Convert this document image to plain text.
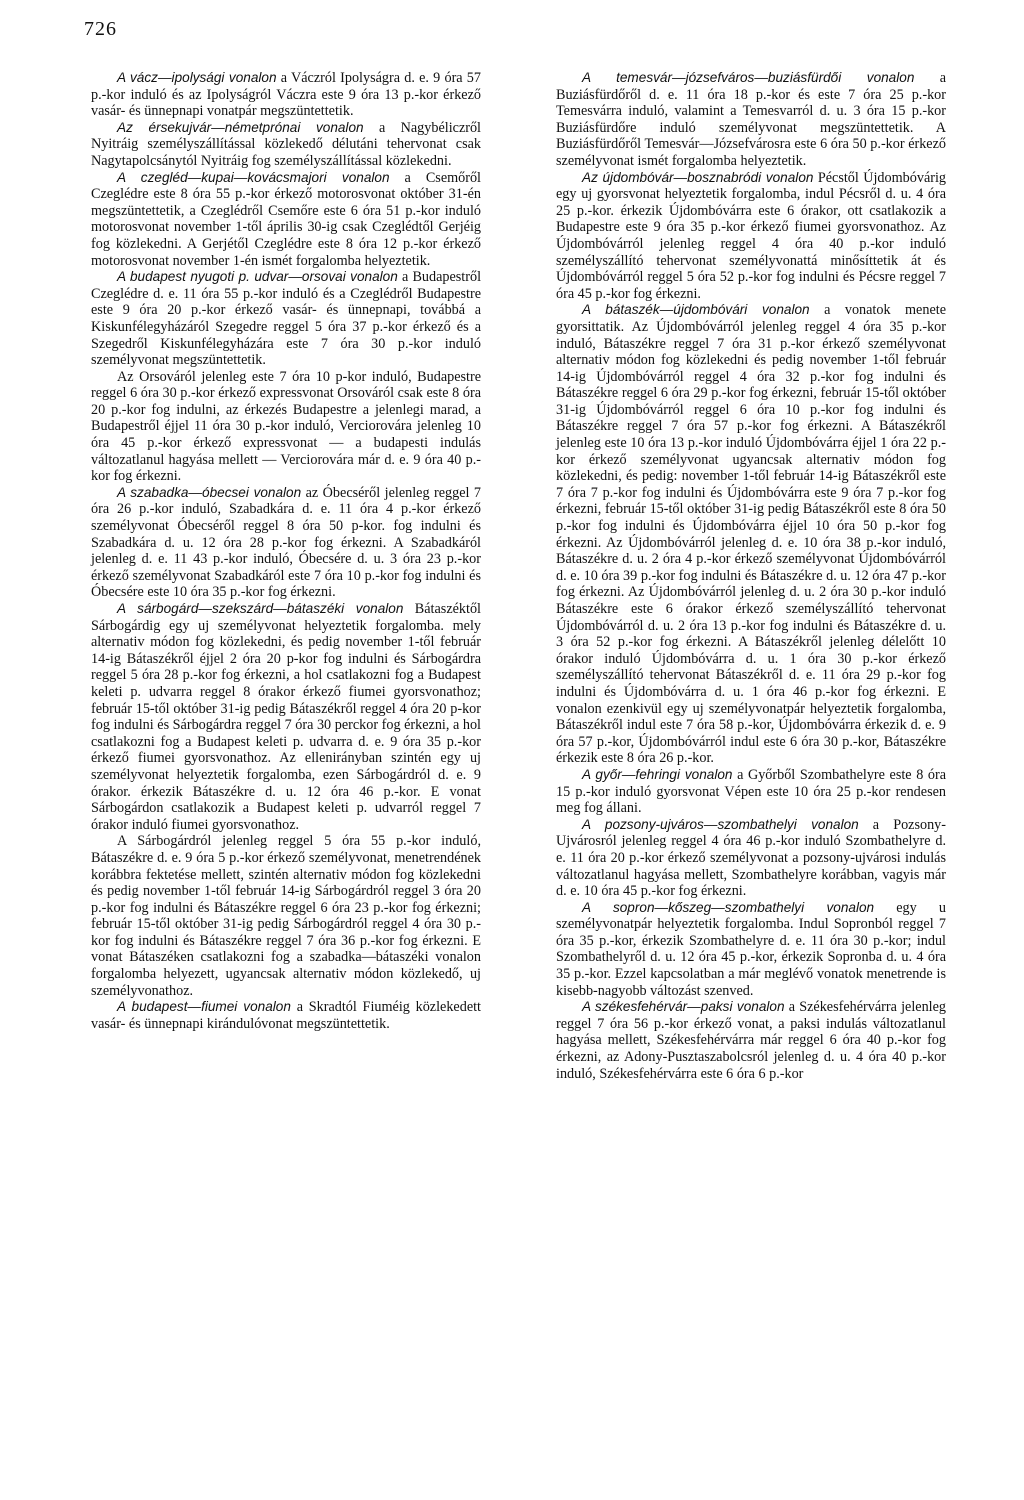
726

A vácz—ipolysági vonalon a Váczról Ipolyságra d. e. 9 óra 57 p.-kor induló és az Ipolyságról Váczra este 9 óra 13 p.-kor érkező vasár- és ünnepnapi vonatpár megszüntettetik.

Az érsekujvár—németprónai vonalon a Nagybéliczről Nyitráig személyszállítással közlekedő délutáni tehervonat csak Nagytapolcsánytól Nyitráig fog személyszállítással közlekedni.

A czegléd—kupai—kovácsmajori vonalon a Csemőről Czeglédre este 8 óra 55 p.-kor érkező motorosvonat október 31-én megszüntettetik, a Czeglédről Csemőre este 6 óra 51 p.-kor induló motorosvonat november 1-től április 30-ig csak Czeglédtől Gerjéig fog közlekedni. A Gerjétől Czeglédre este 8 óra 12 p.-kor érkező motorosvonat november 1-én ismét forgalomba helyeztetik.

A budapest nyugoti p. udvar—orsovai vonalon a Budapestről Czeglédre d. e. 11 óra 55 p.-kor induló és a Czeglédről Budapestre este 9 óra 20 p.-kor érkező vasár- és ünnepnapi, továbbá a Kiskunfélegyházáról Szegedre reggel 5 óra 37 p.-kor érkező és a Szegedről Kiskunfélegyházára este 7 óra 30 p.-kor induló személyvonat megszüntettetik.

Az Orsováról jelenleg este 7 óra 10 p-kor induló, Budapestre reggel 6 óra 30 p.-kor érkező expressvonat Orsováról csak este 8 óra 20 p.-kor fog indulni, az érkezés Budapestre a jelenlegi marad, a Budapestről éjjel 11 óra 30 p.-kor induló, Verciorovára jelenleg 10 óra 45 p.-kor érkező expressvonat — a budapesti indulás változatlanul hagyása mellett — Verciorovára már d. e. 9 óra 40 p.-kor fog érkezni.

A szabadka—óbecsei vonalon az Óbecséről jelenleg reggel 7 óra 26 p.-kor induló, Szabadkára d. e. 11 óra 4 p.-kor érkező személyvonat Óbecséről reggel 8 óra 50 p-kor. fog indulni és Szabadkára d. u. 12 óra 28 p.-kor fog érkezni. A Szabadkáról jelenleg d. e. 11 43 p.-kor induló, Óbecsére d. u. 3 óra 23 p.-kor érkező személyvonat Szabadkáról este 7 óra 10 p.-kor fog indulni és Óbecsére este 10 óra 35 p.-kor fog érkezni.

A sárbogárd—szekszárd—bátaszéki vonalon Bátaszéktől Sárbogárdig egy uj személyvonat helyeztetik forgalomba. mely alternativ módon fog közlekedni, és pedig november 1-től február 14-ig Bátaszékről éjjel 2 óra 20 p-kor fog indulni és Sárbogárdra reggel 5 óra 28 p.-kor fog érkezni, a hol csatlakozni fog a Budapest keleti p. udvarra reggel 8 órakor érkező fiumei gyorsvonathoz; február 15-től október 31-ig pedig Bátaszékről reggel 4 óra 20 p-kor fog indulni és Sárbogárdra reggel 7 óra 30 perckor fog érkezni, a hol csatlakozni fog a Budapest keleti p. udvarra d. e. 9 óra 35 p.-kor érkező fiumei gyorsvonathoz. Az ellenirányban szintén egy uj személyvonat helyeztetik forgalomba, ezen Sárbogárdról d. e. 9 órakor. érkezik Bátaszékre d. u. 12 óra 46 p.-kor. E vonat Sárbogárdon csatlakozik a Budapest keleti p. udvarról reggel 7 órakor induló fiumei gyorsvonathoz.

A Sárbogárdról jelenleg reggel 5 óra 55 p.-kor induló, Bátaszékre d. e. 9 óra 5 p.-kor érkező személyvonat, menetrendének korábbra fektetése mellett, szintén alternativ módon fog közlekedni és pedig november 1-től február 14-ig Sárbogárdról reggel 3 óra 20 p.-kor fog indulni és Bátaszékre reggel 6 óra 23 p.-kor fog érkezni; február 15-től október 31-ig pedig Sárbogárdról reggel 4 óra 30 p.-kor fog indulni és Bátaszékre reggel 7 óra 36 p.-kor fog érkezni. E vonat Bátaszéken csatlakozni fog a szabadka—bátaszéki vonalon forgalomba helyezett, ugyancsak alternativ módon közlekedő, uj személyvonathoz.

A budapest—fiumei vonalon a Skradtól Fiuméig közlekedett vasár- és ünnepnapi kirándulóvonat megszüntettetik.

A temesvár—józsefváros—buziásfürdői vonalon a Buziásfürdőről d. e. 11 óra 18 p.-kor és este 7 óra 25 p.-kor Temesvárra induló, valamint a Temesvarról d. u. 3 óra 15 p.-kor Buziásfürdőre induló személyvonat megszüntettetik. A Buziásfürdőről Temesvár—Józsefvárosra este 6 óra 50 p.-kor érkező személyvonat ismét forgalomba helyeztetik.

Az újdombóvár—bosznabródi vonalon Pécstől Újdombóvárig egy uj gyorsvonat helyeztetik forgalomba, indul Pécsről d. u. 4 óra 25 p.-kor. érkezik Újdombóvárra este 6 órakor, ott csatlakozik a Budapestre este 9 óra 35 p.-kor érkező fiumei gyorsvonathoz. Az Újdombóvárról jelenleg reggel 4 óra 40 p.-kor induló személyszállító tehervonat személyvonattá minősíttetik át és Újdombóvárról reggel 5 óra 52 p.-kor fog indulni és Pécsre reggel 7 óra 45 p.-kor fog érkezni.

A bátaszék—újdombóvári vonalon a vonatok menete gyorsittatik. Az Újdombóvárról jelenleg reggel 4 óra 35 p.-kor induló, Bátaszékre reggel 7 óra 31 p.-kor érkező személyvonat alternativ módon fog közlekedni és pedig november 1-től február 14-ig Újdombóvárról reggel 4 óra 32 p.-kor fog indulni és Bátaszékre reggel 6 óra 29 p.-kor fog érkezni, február 15-től október 31-ig Újdombóvárról reggel 6 óra 10 p.-kor fog indulni és Bátaszékre reggel 7 óra 57 p.-kor fog érkezni. A Bátaszékről jelenleg este 10 óra 13 p.-kor induló Újdombóvárra éjjel 1 óra 22 p.-kor érkező személyvonat ugyancsak alternativ módon fog közlekedni, és pedig: november 1-től február 14-ig Bátaszékről este 7 óra 7 p.-kor fog indulni és Újdombóvárra este 9 óra 7 p.-kor fog érkezni, február 15-től október 31-ig pedig Bátaszékről este 8 óra 50 p.-kor fog indulni és Újdombóvárra éjjel 10 óra 50 p.-kor fog érkezni. Az Újdombóvárról jelenleg d. e. 10 óra 38 p.-kor induló, Bátaszékre d. u. 2 óra 4 p.-kor érkező személyvonat Újdombóvárról d. e. 10 óra 39 p.-kor fog indulni és Bátaszékre d. u. 12 óra 47 p.-kor fog érkezni. Az Újdombóvárról jelenleg d. u. 2 óra 30 p.-kor induló Bátaszékre este 6 órakor érkező személyszállító tehervonat Újdombóvárról d. u. 2 óra 13 p.-kor fog indulni és Bátaszékre d. u. 3 óra 52 p.-kor fog érkezni. A Bátaszékről jelenleg délelőtt 10 órakor induló Újdombóvárra d. u. 1 óra 30 p.-kor érkező személyszállító tehervonat Bátaszékről d. e. 11 óra 29 p.-kor fog indulni és Újdombóvárra d. u. 1 óra 46 p.-kor fog érkezni. E vonalon ezenkivül egy uj személyvonatpár helyeztetik forgalomba, Bátaszékről indul este 7 óra 58 p.-kor, Újdombóvárra érkezik d. e. 9 óra 57 p.-kor, Újdombóvárról indul este 6 óra 30 p.-kor, Bátaszékre érkezik este 8 óra 26 p.-kor.

A győr—fehringi vonalon a Győrből Szombathelyre este 8 óra 15 p.-kor induló gyorsvonat Vépen este 10 óra 25 p.-kor rendesen meg fog állani.

A pozsony-ujváros—szombathelyi vonalon a Pozsony-Ujvárosról jelenleg reggel 4 óra 46 p.-kor induló Szombathelyre d. e. 11 óra 20 p.-kor érkező személyvonat a pozsony-ujvárosi indulás változatlanul hagyása mellett, Szombathelyre korábban, vagyis már d. e. 10 óra 45 p.-kor fog érkezni.

A sopron—kőszeg—szombathelyi vonalon egy u személyvonatpár helyeztetik forgalomba. Indul Sopronból reggel 7 óra 35 p.-kor, érkezik Szombathelyre d. e. 11 óra 30 p.-kor; indul Szombathelyről d. u. 12 óra 45 p.-kor, érkezik Sopronba d. u. 4 óra 35 p.-kor. Ezzel kapcsolatban a már meglévő vonatok menetrende is kisebb-nagyobb változást szenved.

A székesfehérvár—paksi vonalon a Székesfehérvárra jelenleg reggel 7 óra 56 p.-kor érkező vonat, a paksi indulás változatlanul hagyása mellett, Székesfehérvárra már reggel 6 óra 40 p.-kor fog érkezni, az Adony-Pusztaszabolcsról jelenleg d. u. 4 óra 40 p.-kor induló, Székesfehérvárra este 6 óra 6 p.-kor
